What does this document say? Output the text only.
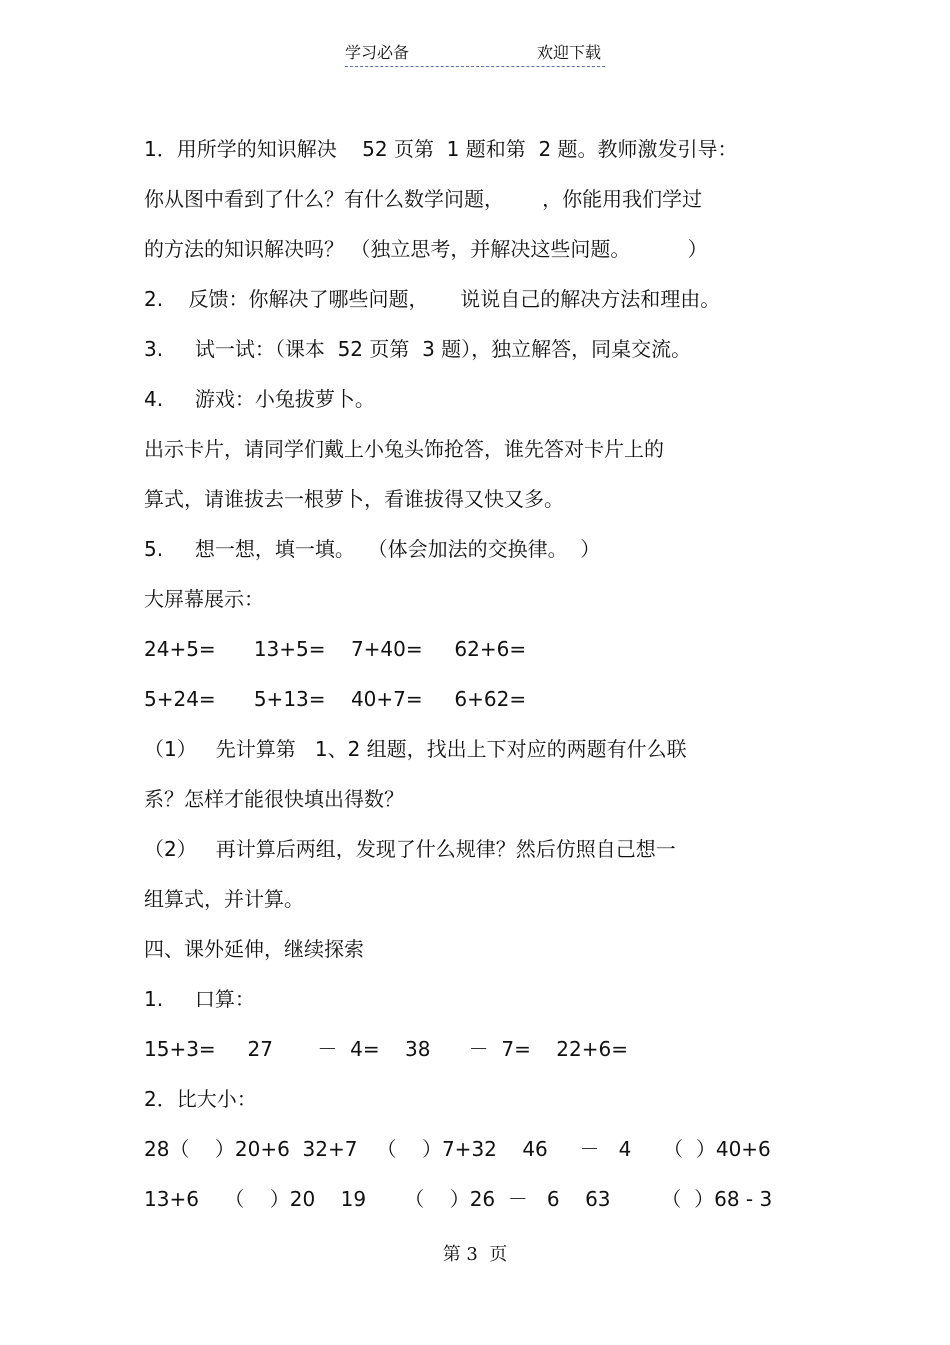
学习必备	欢迎下载
1．用所学的知识解决    52 页第  1 题和第  2 题。教师激发引导：
你从图中看到了什么？有什么数学问题，      ，你能用我们学过
的方法的知识解决吗？ （独立思考，并解决这些问题。         ）
2.    反馈：你解决了哪些问题，     说说自己的解决方法和理由。
3.     试一试：（课本  52 页第  3 题），独立解答，同桌交流。
4.     游戏：小兔拔萝卜。
出示卡片，请同学们戴上小兔头饰抢答，谁先答对卡片上的
算式，请谁拔去一根萝卜，看谁拔得又快又多。
5.     想一想，填一填。  （体会加法的交换律。  ）
大屏幕展示：
24+5=      13+5=    7+40=     62+6=
5+24=      5+13=    40+7=     6+62=
（1）   先计算第   1、2 组题，找出上下对应的两题有什么联
系？怎样才能很快填出得数？
（2）   再计算后两组，发现了什么规律？然后仿照自己想一
组算式，并计算。
四、课外延伸，继续探索
1.     口算：
15+3=     27       －  4=    38      －  7=    22+6=
2．比大小：
28（    ）20+6  32+7   （    ）7+32    46     －   4     （  ）40+6
13+6    （    ）20    19      （    ）26  －   6    63        （  ）68 - 3
第 3  页
